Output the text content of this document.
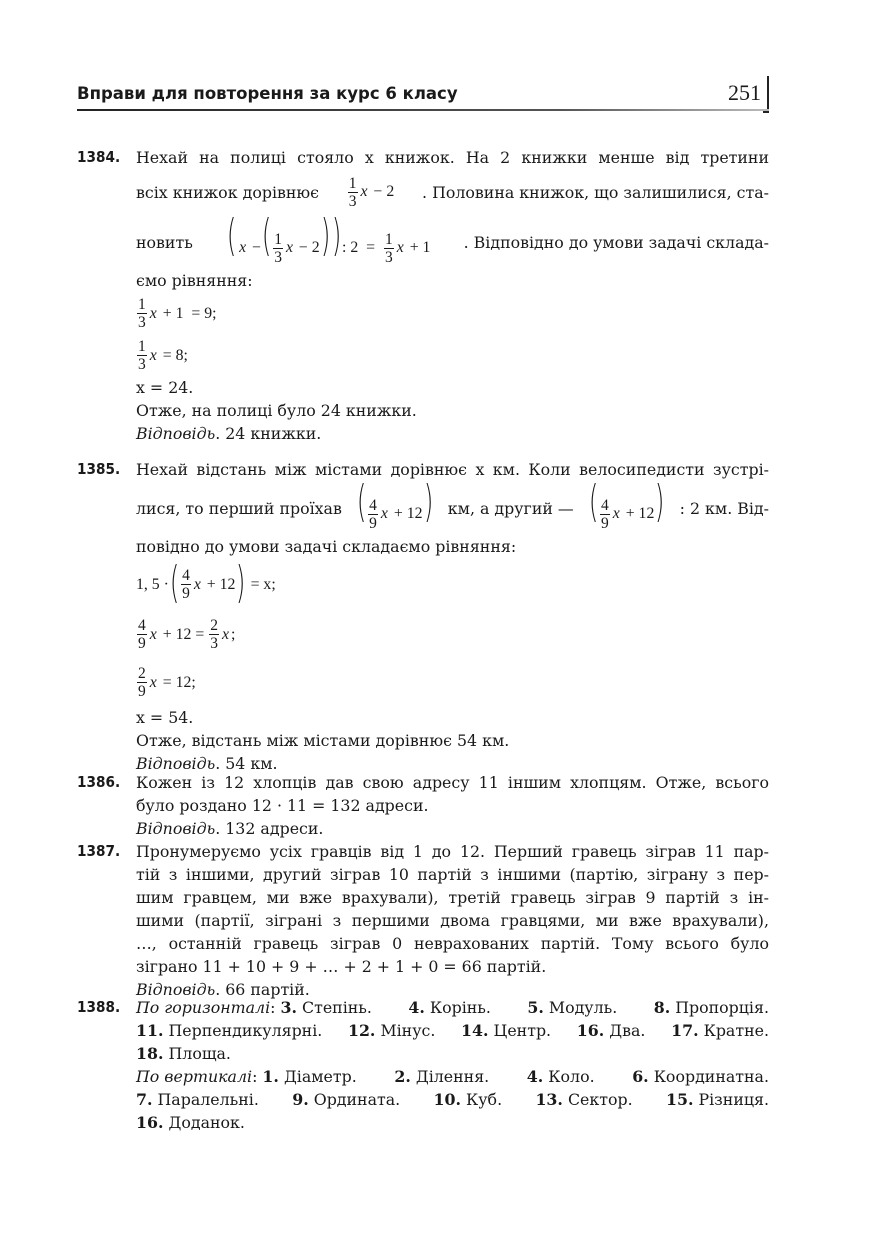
Вправи для повторення за курс 6 класу	251
1384. Нехай на полиці стояло x книжок. На 2 книжки менше від третини
всіх книжок дорівнює $\frac{1}{3}$ x − 2 . Половина книжок, що залишилися, ста-
новить ( x −( $\frac{1}{3}$ x − 2)): $2 = \frac{1}{3}$ x + 1 . Відповідно до умови задачі склада-
ємо рівняння:
$\frac{1}{3}$ x + 1 = 9;
$\frac{1}{3}$ x
= 8;
x = 24.
Отже, на полиці було 24 книжки.
Відповідь. 24 книжки.
1385. Нехай відстань між містами дорівнює x км. Коли велосипедисти зустрі-
лися, то перший проїхав ( $\frac{4}{9}$ x + 12) км, а другий — ( $\frac{4}{9}$ x + 12) : 2 км. Від-
повідно до умови задачі складаємо рівняння:
1, 5 · ( $\frac{4}{9}$ x + 12 )
= x;
$\frac{4}{9}$ $x + 12 = \frac{2}{3}$ x ;
$\frac{2}{9}$ x
= 12;
x = 54.
Отже, відстань між містами дорівнює 54 км.
Відповідь. 54 км.
1386. Кожен із 12 хлопців дав свою адресу 11 іншим хлопцям. Отже, всього
було роздано 12 · 11 = 132 адреси.
Відповідь. 132 адреси.
1387. Пронумеруємо усіх гравців від 1 до 12. Перший гравець зіграв 11 пар-
тій з іншими, другий зіграв 10 партій з іншими (партію, зіграну з пер-
шим гравцем, ми вже врахували), третій гравець зіграв 9 партій з ін-
шими (партії, зіграні з першими двома гравцями, ми вже врахували),
…, останній гравець зіграв 0 неврахованих партій. Тому всього було
зіграно 11 + 10 + 9 + … + 2 + 1 + 0 = 66 партій.
Відповідь. 66 партій.
1388. По горизонталі: 3. Степінь. 4. Корінь. 5. Модуль. 8. Пропорція.
11. Перпендикулярні. 12. Мінус. 14. Центр. 16. Два. 17. Кратне.
18. Площа.
По вертикалі: 1. Діаметр. 2. Ділення. 4. Коло. 6. Координатна.
7. Паралельні. 9. Ордината. 10. Куб. 13. Сектор. 15. Різниця.
16. Доданок.
